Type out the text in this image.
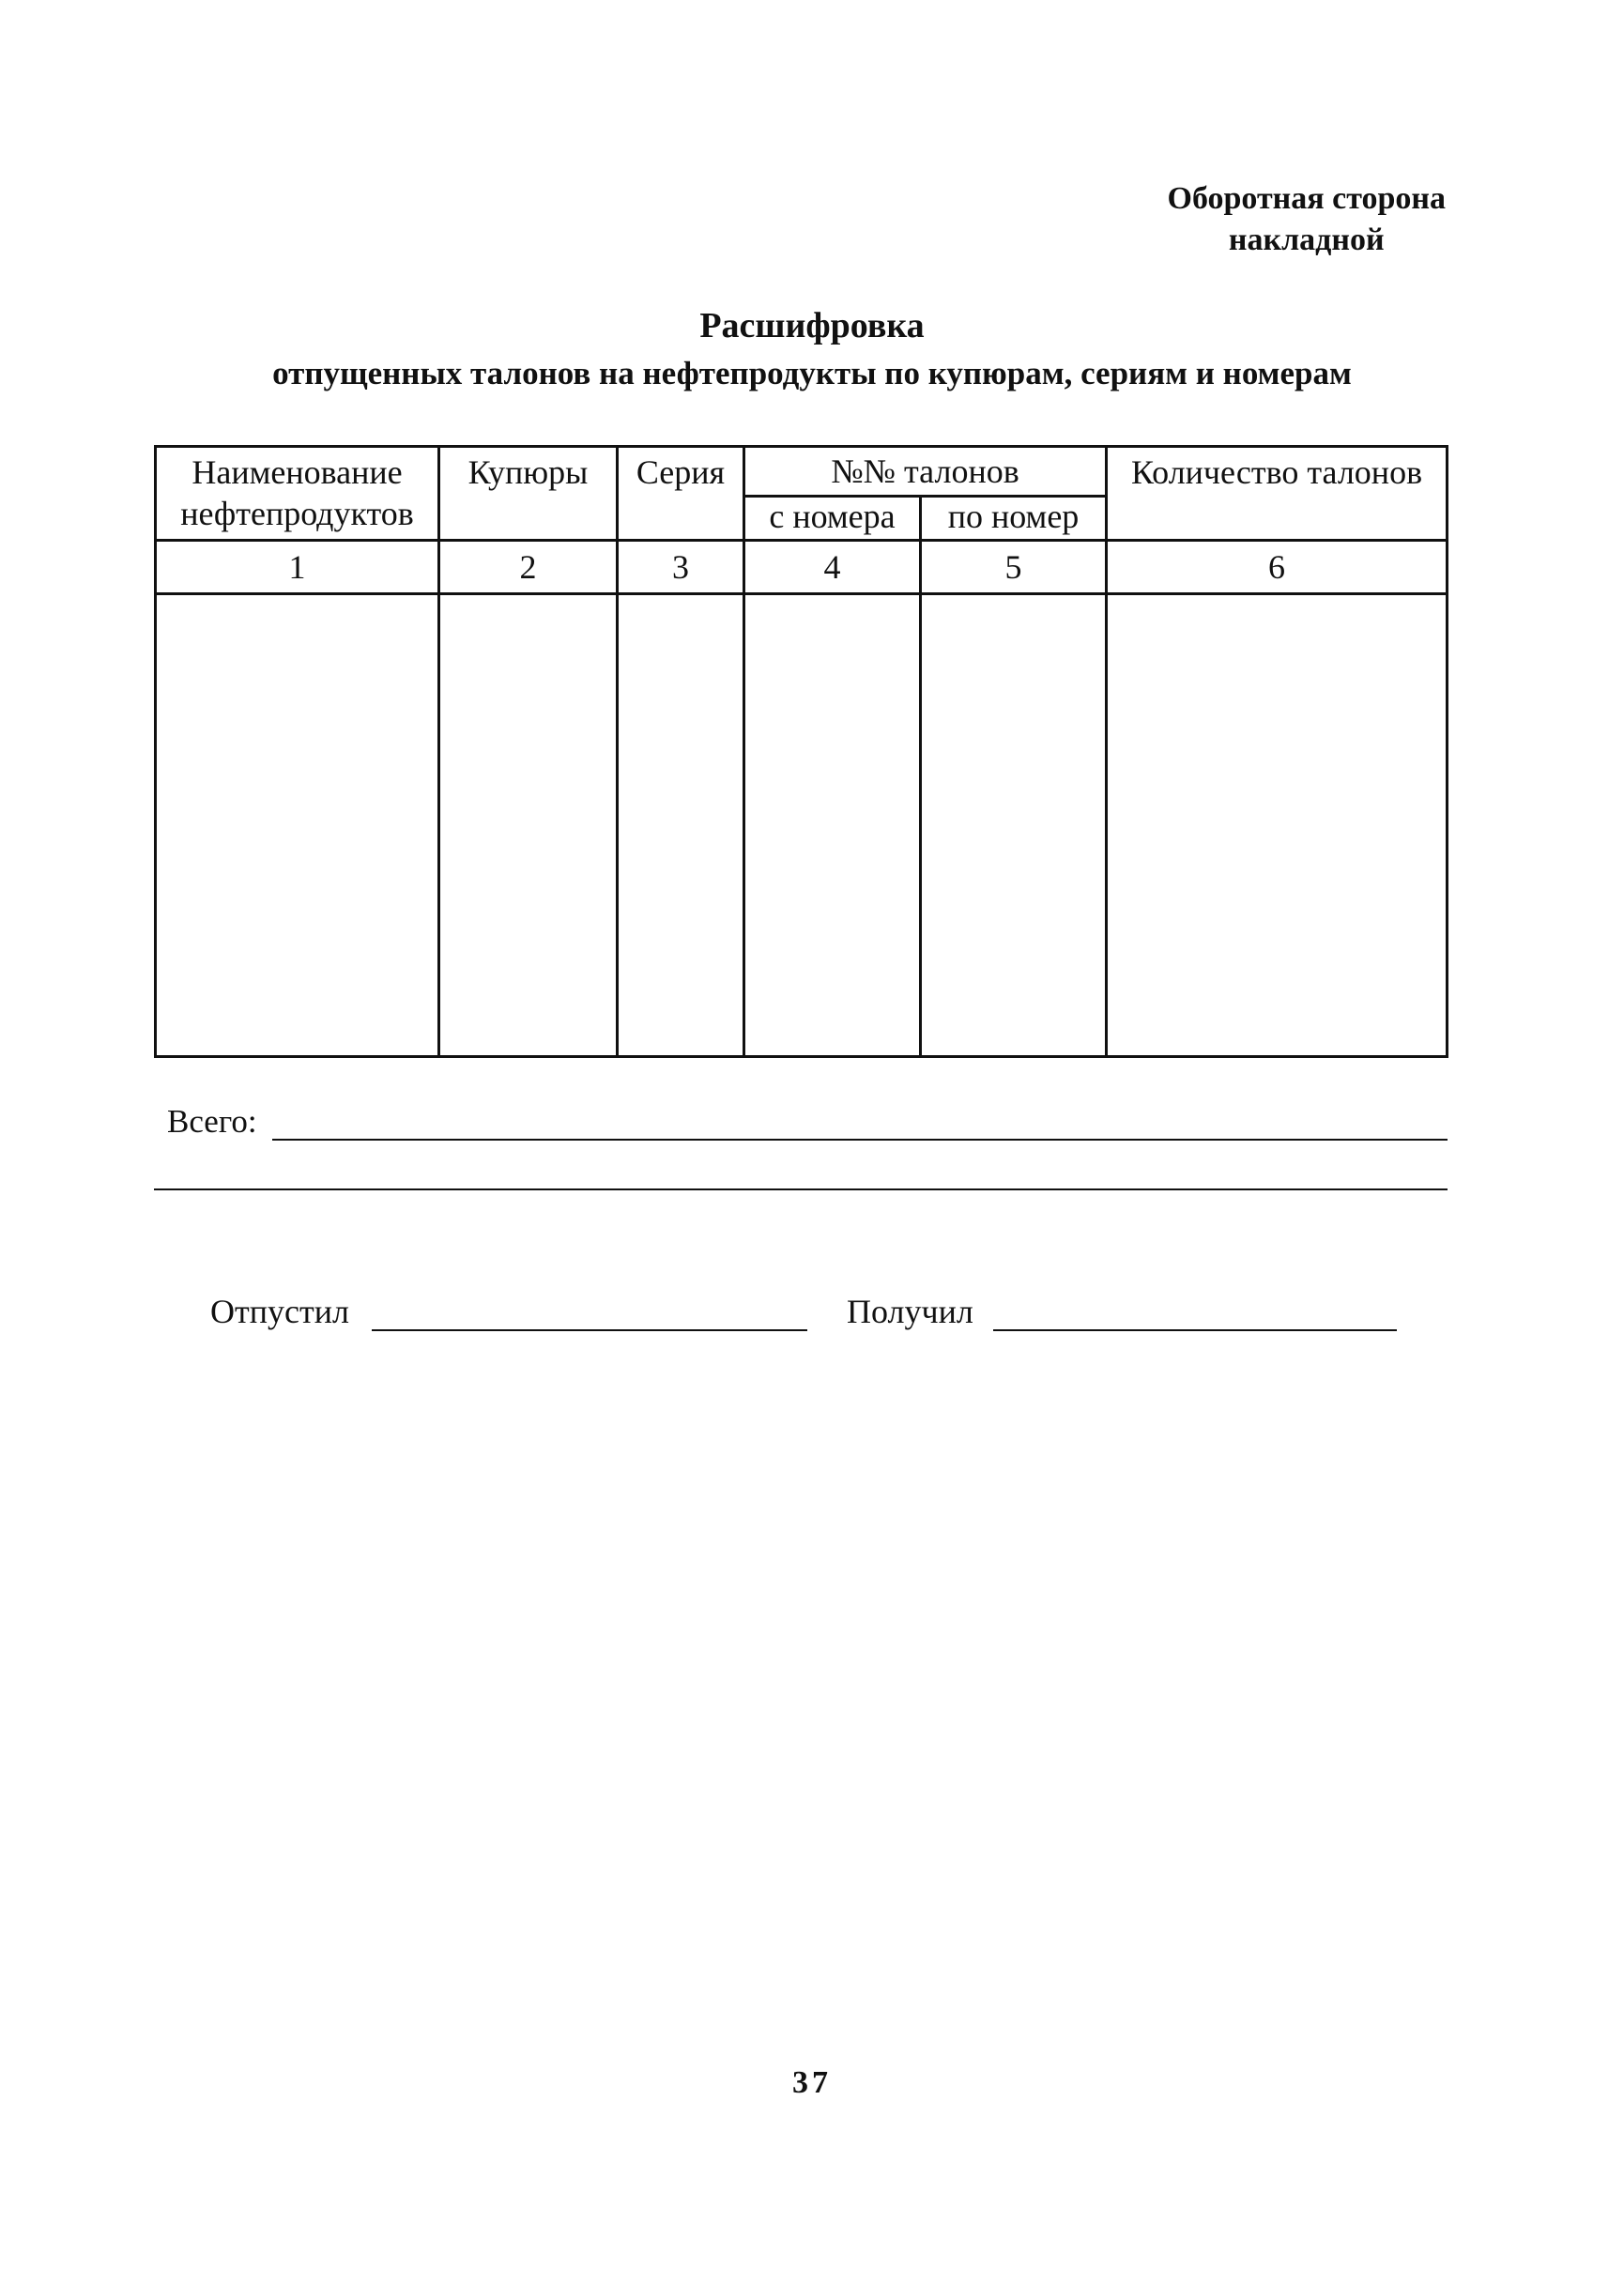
Оборотная сторона
накладной
Расшифровка
отпущенных талонов на нефтепродукты по купюрам, сериям и номерам
Наименование
нефтепродуктов	Купюры	Серия	№№ талонов		Количество талонов
			с номера	по номер	
1	2	3	4	5	6

Всего:
Отпустил	Получил
37
